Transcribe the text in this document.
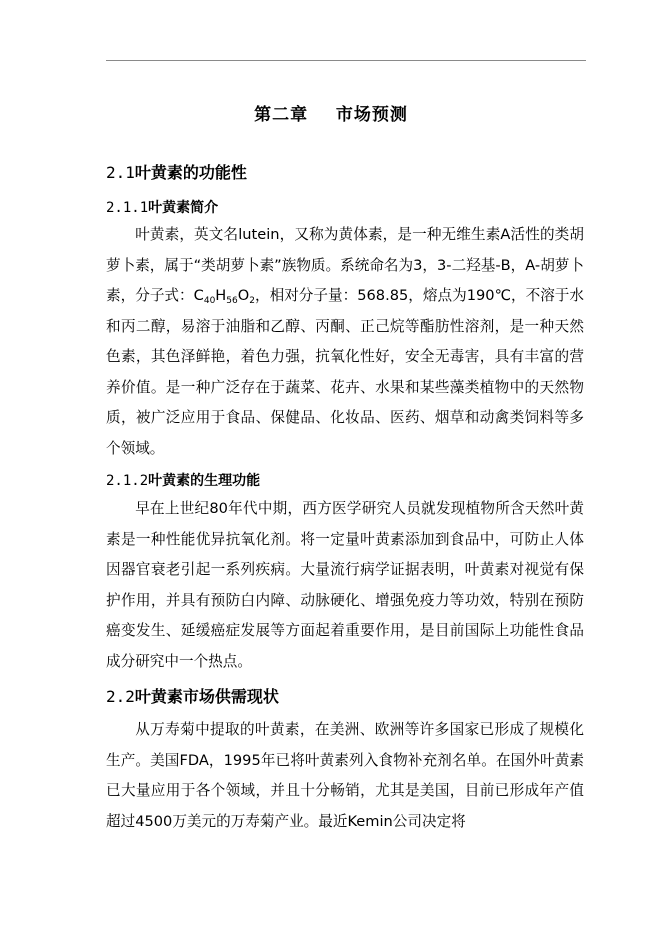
第二章    市场预测
2.1叶黄素的功能性
2.1.1叶黄素简介

叶黄素，英文名lutein，又称为黄体素，是一种无维生素A活性的类胡萝卜素，属于“类胡萝卜素”族物质。系统命名为3，3-二羟基-B，A-胡萝卜素，分子式：$C_{40}H_{56}O_2$，相对分子量：568.85，熔点为190℃，不溶于水和丙二醇，易溶于油脂和乙醇、丙酮、正己烷等酯肪性溶剂，是一种天然色素，其色泽鲜艳，着色力强，抗氧化性好，安全无毒害，具有丰富的营养价值。是一种广泛存在于蔬菜、花卉、水果和某些藻类植物中的天然物质，被广泛应用于食品、保健品、化妆品、医药、烟草和动禽类饲料等多个领域。

2.1.2叶黄素的生理功能

早在上世纪80年代中期，西方医学研究人员就发现植物所含天然叶黄素是一种性能优异抗氧化剂。将一定量叶黄素添加到食品中，可防止人体因器官衰老引起一系列疾病。大量流行病学证据表明，叶黄素对视觉有保护作用，并具有预防白内障、动脉硬化、增强免疫力等功效，特别在预防癌变发生、延缓癌症发展等方面起着重要作用，是目前国际上功能性食品成分研究中一个热点。

2.2叶黄素市场供需现状

从万寿菊中提取的叶黄素，在美洲、欧洲等许多国家已形成了规模化生产。美国FDA，1995年已将叶黄素列入食物补充剂名单。在国外叶黄素已大量应用于各个领域，并且十分畅销，尤其是美国，目前已形成年产值超过4500万美元的万寿菊产业。最近Kemin公司决定将
